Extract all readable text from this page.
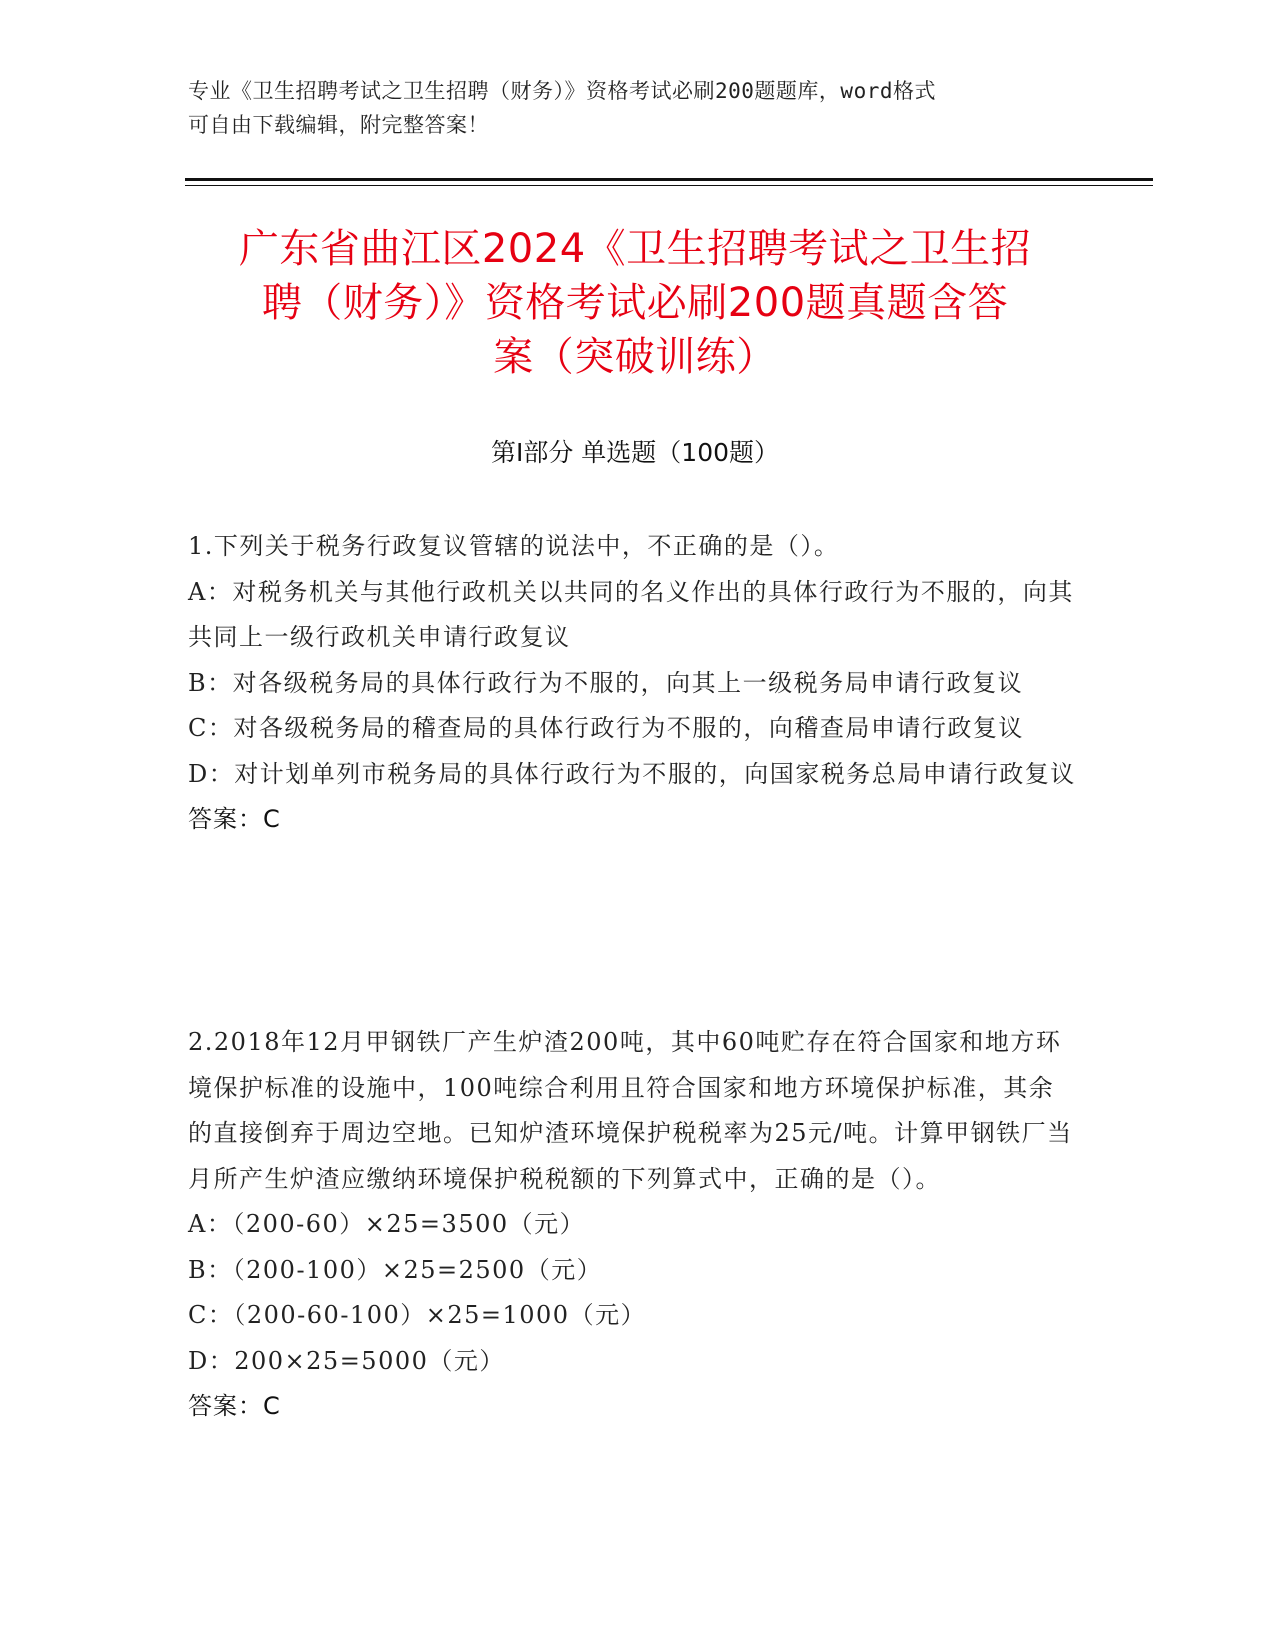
专业《卫生招聘考试之卫生招聘（财务）》资格考试必刷200题题库，word格式
可自由下载编辑，附完整答案！
广东省曲江区2024《卫生招聘考试之卫生招
聘（财务）》资格考试必刷200题真题含答
案（突破训练）
第Ⅰ部分 单选题（100题）

1.下列关于税务行政复议管辖的说法中，不正确的是（）。

A：对税务机关与其他行政机关以共同的名义作出的具体行政行为不服的，向其共同上一级行政机关申请行政复议

B：对各级税务局的具体行政行为不服的，向其上一级税务局申请行政复议

C：对各级税务局的稽查局的具体行政行为不服的，向稽查局申请行政复议

D：对计划单列市税务局的具体行政行为不服的，向国家税务总局申请行政复议

答案：C

2.2018年12月甲钢铁厂产生炉渣200吨，其中60吨贮存在符合国家和地方环境保护标准的设施中，100吨综合利用且符合国家和地方环境保护标准，其余的直接倒弃于周边空地。已知炉渣环境保护税税率为25元/吨。计算甲钢铁厂当月所产生炉渣应缴纳环境保护税税额的下列算式中，正确的是（）。

A：（200-60）×25=3500（元）

B：（200-100）×25=2500（元）

C：（200-60-100）×25=1000（元）

D：200×25=5000（元）

答案：C
